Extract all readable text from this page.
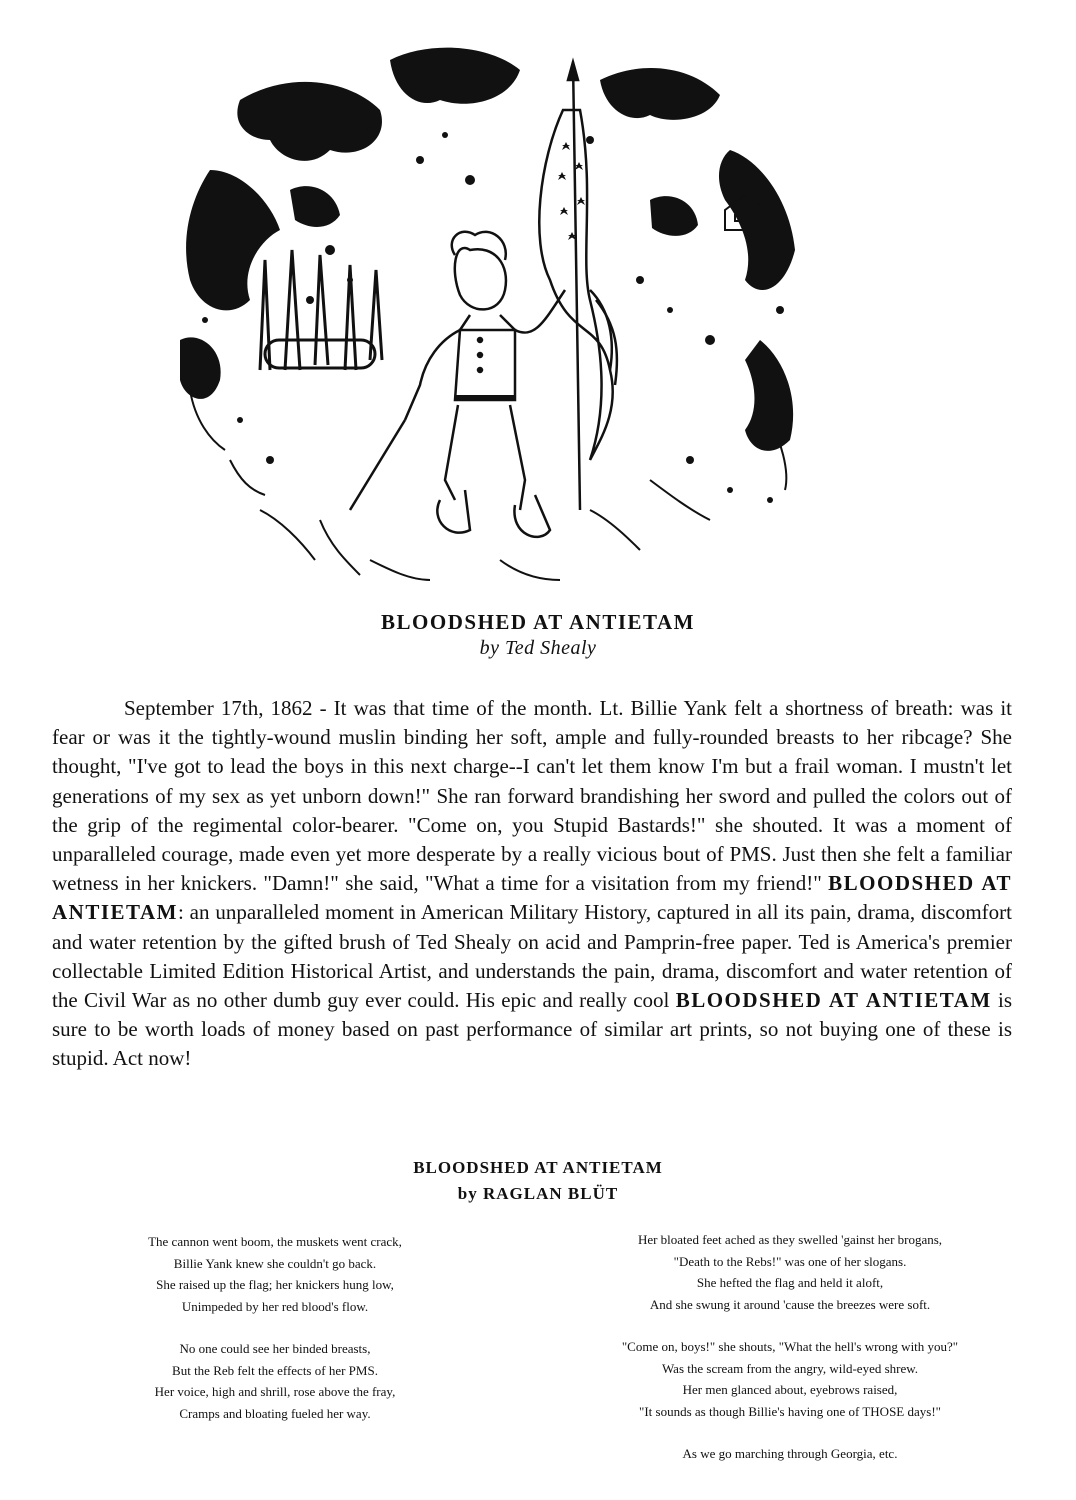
BLOODSHED AT ANTIETAM
by Ted Shealy

September 17th, 1862 - It was that time of the month. Lt. Billie Yank felt a shortness of breath: was it fear or was it the tightly-wound muslin binding her soft, ample and fully-rounded breasts to her ribcage? She thought, "I've got to lead the boys in this next charge--I can't let them know I'm but a frail woman. I mustn't let generations of my sex as yet unborn down!" She ran forward brandishing her sword and pulled the colors out of the grip of the regimental color-bearer. "Come on, you Stupid Bastards!" she shouted. It was a moment of unparalleled courage, made even yet more desperate by a really vicious bout of PMS. Just then she felt a familiar wetness in her knickers. "Damn!" she said, "What a time for a visitation from my friend!" BLOODSHED AT ANTIETAM: an unparalleled moment in American Military History, captured in all its pain, drama, discomfort and water retention by the gifted brush of Ted Shealy on acid and Pamprin-free paper. Ted is America's premier collectable Limited Edition Historical Artist, and understands the pain, drama, discomfort and water retention of the Civil War as no other dumb guy ever could. His epic and really cool BLOODSHED AT ANTIETAM is sure to be worth loads of money based on past performance of similar art prints, so not buying one of these is stupid. Act now!

BLOODSHED AT ANTIETAM
by RAGLAN BLÜT
The cannon went boom, the muskets went crack,
Billie Yank knew she couldn't go back.
She raised up the flag; her knickers hung low,
Unimpeded by her red blood's flow.
No one could see her binded breasts,
But the Reb felt the effects of her PMS.
Her voice, high and shrill, rose above the fray,
Cramps and bloating fueled her way.
Her bloated feet ached as they swelled 'gainst her brogans,
"Death to the Rebs!" was one of her slogans.
She hefted the flag and held it aloft,
And she swung it around 'cause the breezes were soft.
"Come on, boys!" she shouts, "What the hell's wrong with you?"
Was the scream from the angry, wild-eyed shrew.
Her men glanced about, eyebrows raised,
"It sounds as though Billie's having one of THOSE days!"
As we go marching through Georgia, etc.
